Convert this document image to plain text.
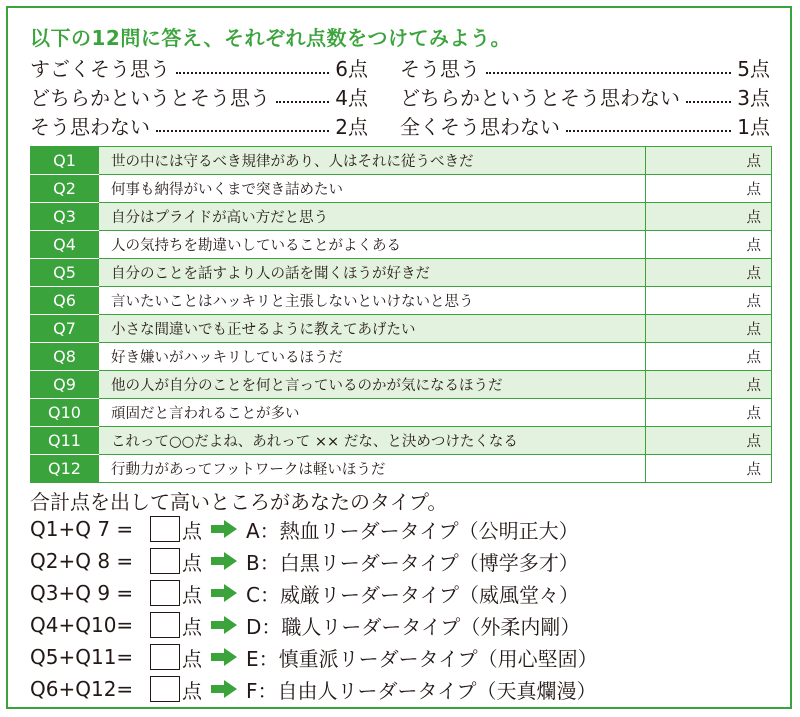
以下の12問に答え、それぞれ点数をつけてみよう。
すごくそう思う	6点 そう思う	5点
どちらかというとそう思う	4点 どちらかというとそう思わない	3点
そう思わない	2点 全くそう思わない	1点
Q1	世の中には守るべき規律があり、人はそれに従うべきだ	点
Q2	何事も納得がいくまで突き詰めたい	点
Q3	自分はプライドが高い方だと思う	点
Q4	人の気持ちを勘違いしていることがよくある	点
Q5	自分のことを話すより人の話を聞くほうが好きだ	点
Q6	言いたいことはハッキリと主張しないといけないと思う	点
Q7	小さな間違いでも正せるように教えてあげたい	点
Q8	好き嫌いがハッキリしているほうだ	点
Q9	他の人が自分のことを何と言っているのかが気になるほうだ	点
Q10	頑固だと言われることが多い	点
Q11	これって○○だよね、あれって ×× だな、と決めつけたくなる	点
Q12	行動力があってフットワークは軽いほうだ	点
合計点を出して高いところがあなたのタイプ。
Q1+Q 7 =	点 A：熱血リーダータイプ（公明正大）
Q2+Q 8 =	点 B：白黒リーダータイプ（博学多才）
Q3+Q 9 =	点 C：威厳リーダータイプ（威風堂々）
Q4+Q10=	点 D：職人リーダータイプ（外柔内剛）
Q5+Q11=	点 E：慎重派リーダータイプ（用心堅固）
Q6+Q12=	点 F：自由人リーダータイプ（天真爛漫）
